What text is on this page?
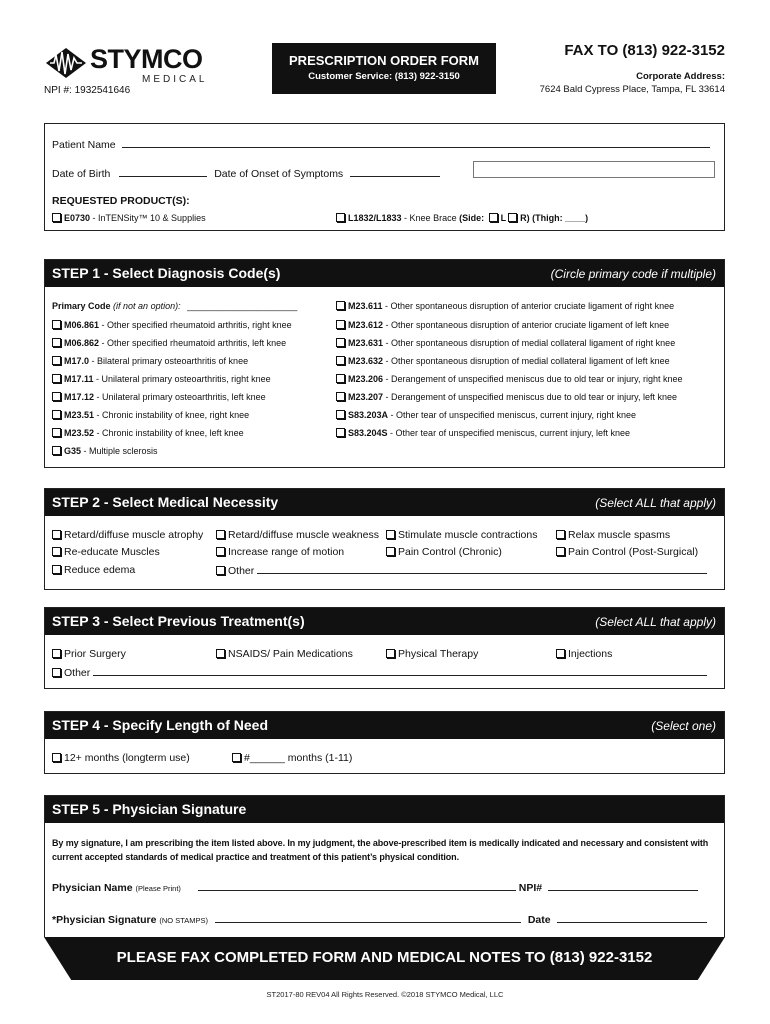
STYMCO
MEDICAL
NPI #: 1932541646
PRESCRIPTION ORDER FORM
Customer Service: (813) 922-3150
FAX TO (813) 922-3152
Corporate Address:
7624 Bald Cypress Place, Tampa, FL 33614
Patient Name
Date of Birth	Date of Onset of Symptoms
REQUESTED PRODUCT(S):
E0730 - InTENSity™ 10 & Supplies	L1832/L1833 - Knee Brace (Side: L R) (Thigh: ____)
STEP 1 - Select Diagnosis Code(s)	(Circle primary code if multiple)
Primary Code (if not an option): ______________________
M06.861 - Other specified rheumatoid arthritis, right knee
M06.862 - Other specified rheumatoid arthritis, left knee
M17.0 - Bilateral primary osteoarthritis of knee
M17.11 - Unilateral primary osteoarthritis, right knee
M17.12 - Unilateral primary osteoarthritis, left knee
M23.51 - Chronic instability of knee, right knee
M23.52 - Chronic instability of knee, left knee
G35 - Multiple sclerosis
M23.611 - Other spontaneous disruption of anterior cruciate ligament of right knee
M23.612 - Other spontaneous disruption of anterior cruciate ligament of left knee
M23.631 - Other spontaneous disruption of medial collateral ligament of right knee
M23.632 - Other spontaneous disruption of medial collateral ligament of left knee
M23.206 - Derangement of unspecified meniscus due to old tear or injury, right knee
M23.207 - Derangement of unspecified meniscus due to old tear or injury, left knee
S83.203A - Other tear of unspecified meniscus, current injury, right knee
S83.204S - Other tear of unspecified meniscus, current injury, left knee
STEP 2 - Select Medical Necessity	(Select ALL that apply)
Retard/diffuse muscle atrophy	Retard/diffuse muscle weakness	Stimulate muscle contractions	Relax muscle spasms
Re-educate Muscles	Increase range of motion	Pain Control (Chronic)	Pain Control (Post-Surgical)
Reduce edema	Other
STEP 3 - Select Previous Treatment(s)	(Select ALL that apply)
Prior Surgery	NSAIDS/ Pain Medications	Physical Therapy	Injections
Other
STEP 4 - Specify Length of Need	(Select one)
12+ months (longterm use)	#______ months (1-11)
STEP 5 - Physician Signature
By my signature, I am prescribing the item listed above. In my judgment, the above-prescribed item is medically indicated and necessary and consistent with current accepted standards of medical practice and treatment of this patient’s physical condition.
Physician Name (Please Print)	NPI#
*Physician Signature (NO STAMPS)	Date
PLEASE FAX COMPLETED FORM AND MEDICAL NOTES TO (813) 922-3152
ST2017-80 REV04 All Rights Reserved. ©2018 STYMCO Medical, LLC
